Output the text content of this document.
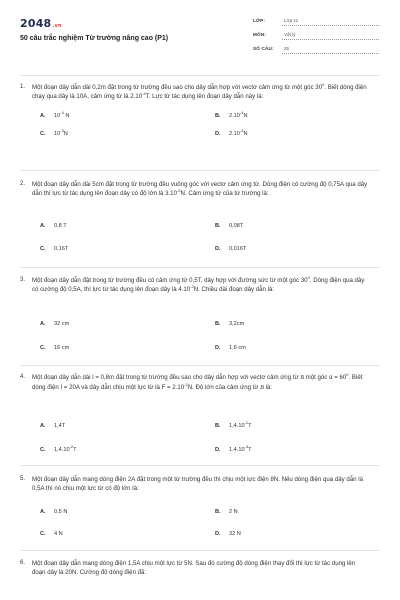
2048.vn
50 câu trắc nghiệm Từ trường nâng cao (P1)
LỚP:	Lớp 11
MÔN:	Vật lý
SỐ CÂU: 25
1. Một đoạn dây dẫn dài 0,2m đặt trong từ trường đều sao cho dây dẫn hợp với vectơ cảm ứng từ một góc $30^0$. Biết dòng điện chạy qua dây là 10A, cảm ứng từ là $2.10^{-4}T$. Lực từ tác dụng lên đoạn dây dẫn này là:
A. $10^{-4}$ N	B. $2.10^{-4}N$
C. $10^{-3}N$	D. $2.10^{-3}N$
2. Một đoạn dây dẫn dài 5cm đặt trong từ trường đều vuông góc với vectơ cảm ứng từ. Dòng điện có cường độ 0,75A qua dây dẫn thì lực từ tác dụng lên đoạn dây có độ lớn là $3.10^{-3}N$. Cảm ứng từ của từ trường là:
A. 0,8 T	B. 0,08T
C. 0,16T	D. 0,016T
3. Một đoạn dây dẫn đặt trong từ trường đều có cảm ứng từ 0,5T, dây hợp với đường sức từ một góc $30^0$. Dòng điện qua dây có cường độ 0,5A, thì lực từ tác dụng lên đoạn dây là $4.10^{-2}N$. Chiều dài đoạn dây dẫn là:
A. 32 cm	B. 3,2cm
C. 16 cm	D. 1,6 cm
4. Một đoạn dây dẫn dài l = 0,8m đặt trong từ trường đều sao cho dây dẫn hợp với vectơ cảm ứng từ B một góc $\alpha = 60^0$. Biết dòng điện I = 20A và dây dẫn chịu một lực từ là $F = 2.10^{-2}N$. Độ lớn của cảm ứng từ B là:
A. 1,4T	B. $1,4.10^{-1}T$
C. $1,4.10^{-2}T$	D. $1.4.10^{-3}T$
5. Một đoạn dây dẫn mang dòng điện 2A đặt trong một từ trường đều thì chịu một lực điện 8N. Nếu dòng điện qua dây dẫn là 0,5A thì nó chịu một lực từ có độ lớn là:
A. 0,5 N	B. 2 N
C. 4 N	D. 32 N
6. Một đoạn dây dẫn mang dòng điện 1,5A chịu một lực từ 5N. Sau đó cường độ dòng điện thay đổi thì lực từ tác dụng lên đoạn dây là 20N. Cường độ dòng điện đã:
